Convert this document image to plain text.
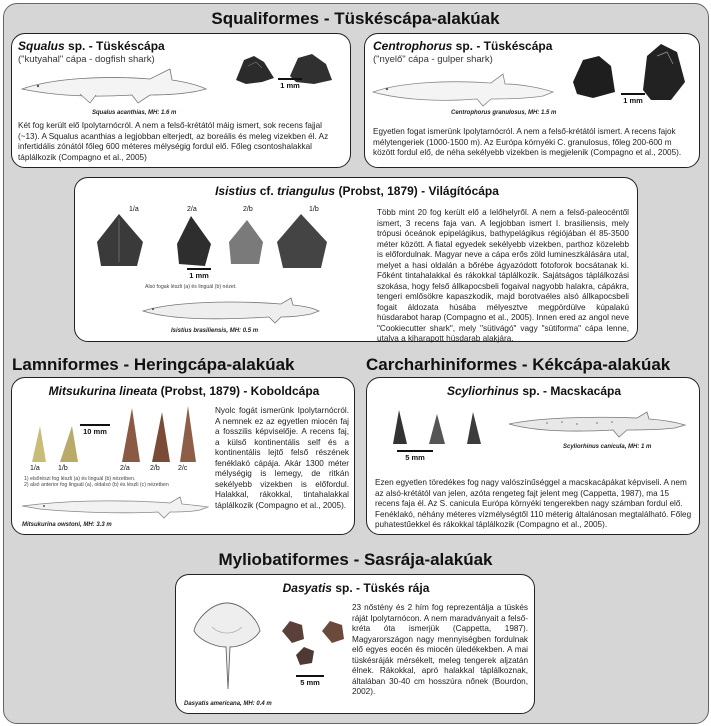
Squaliformes - Tüskéscápa-alakúak
Squalus sp. - Tüskéscápa
("kutyahal" cápa - dogfish shark)
Squalus acanthias, MH: 1.6 m
1 mm
Két fog került elő Ipolytarnócról. A nem a felső-krétától máig ismert, sok recens fajjal (~13). A Squalus acanthias a legjobban elterjedt, az boreális és meleg vizekben él. Az infertidális zónától főleg 600 méteres mélységig fordul elő. Főleg csontoshalakkal táplálkozik (Compagno et al., 2005)
Centrophorus sp. - Tüskéscápa
("nyelő" cápa - gulper shark)
Centrophorus granulosus, MH: 1.5 m
1 mm
Egyetlen fogat ismerünk Ipolytarnócról. A nem a felső-krétától ismert. A recens fajok mélytengeriek (1000-1500 m). Az Európa környéki C. granulosus, főleg 200-600 m között fordul elő, de néha sekélyebb vizekben is megjelenik (Compagno et al., 2005).
Isistius cf. triangulus (Probst, 1879) - Világítócápa
1/a	2/a	2/b	1/b
1 mm
Alsó fogak lészli (a) és linguál (b) nézet.
Isistius brasiliensis, MH: 0.5 m
Több mint 20 fog került elő a lelőhelyről. A nem a felső-paleocéntől ismert, 3 recens faja van. A legjobban ismert I. brasiliensis, mely trópusi óceánok epipelágikus, bathypelágikus régiójában él 85-3500 méter között. A fiatal egyedek sekélyebb vizekben, parthoz közelebb is előfordulnak. Magyar neve a cápa erős zöld lumineszkálására utal, melyet a hasi oldalán a bőrébe ágyazódott fotoforok bocsátanak ki. Főként tintahalakkal és rákokkal táplálkozik. Sajátságos táplálkozási szokása, hogy felső állkapocsbeli fogaival nagyobb halakra, cápákra, tengeri emlősökre kapaszkodik, majd borotvaéles alsó állkapocsbeli fogait áldozata húsába mélyesztve megpördülve kúpalakú húsdarabot harap (Compagno et al., 2005). Innen ered az angol neve "Cookiecutter shark", mely "sütivágó" vagy "sütiforma" cápa lenne, utalva a kiharapott húsdarab alakjára.
Lamniformes - Heringcápa-alakúak	Carcharhiniformes - Kékcápa-alakúak
Mitsukurina lineata (Probst, 1879) - Koboldcápa
10 mm
1/a	1/b	2/a	2/b	2/c
1) elsőrészi fog lészli (a) és linguál (b) nézetben.
2) alsó anterior fog linguál (a), oldalsó (b) és lészli (c) nézetben
Mitsukurina owstoni, MH: 3.3 m
Nyolc fogát ismerünk Ipolytarnócról. A nemnek ez az egyetlen miocén faj a fosszilis képviselője. A recens faj, a külső kontinentális self és a kontinentális lejtő felső részének fenéklakó cápája. Akár 1300 méter mélységig is lemegy, de ritkán sekélyebb vizekben is előfordul. Halakkal, rákokkal, tintahalakkal táplálkozik (Compagno et al., 2005).
Scyliorhinus sp. - Macskacápa
5 mm
Scyliorhinus canicula, MH: 1 m
Ezen egyetlen töredékes fog nagy valószínűséggel a macskacápákat képviseli. A nem az alsó-krétától van jelen, azóta rengeteg fajt jelent meg (Cappetta, 1987), ma 15 recens faja él. Az S. canicula Európa környéki tengerekben nagy számban fordul elő. Fenéklakó, néhány méteres vízmélységtől 110 méterig általánosan megtalálható. Főleg puhatestűekkel és rákokkal táplálkozik (Compagno et al., 2005).
Myliobatiformes - Sasrája-alakúak
Dasyatis sp. - Tüskés rája
Dasyatis americana, MH: 0.4 m
5 mm
23 nőstény és 2 hím fog reprezentálja a tüskés ráját Ipolytarnócon. A nem maradványait a felső-kréta óta ismerjük (Cappetta, 1987). Magyarországon nagy mennyiségben fordulnak elő egyes eocén és miocén üledékekben. A mai tüskésráják mérsékelt, meleg tengerek aljzatán élnek. Rákokkal, apró halakkal táplálkoznak, általában 30-40 cm hosszúra nőnek (Bourdon, 2002).
